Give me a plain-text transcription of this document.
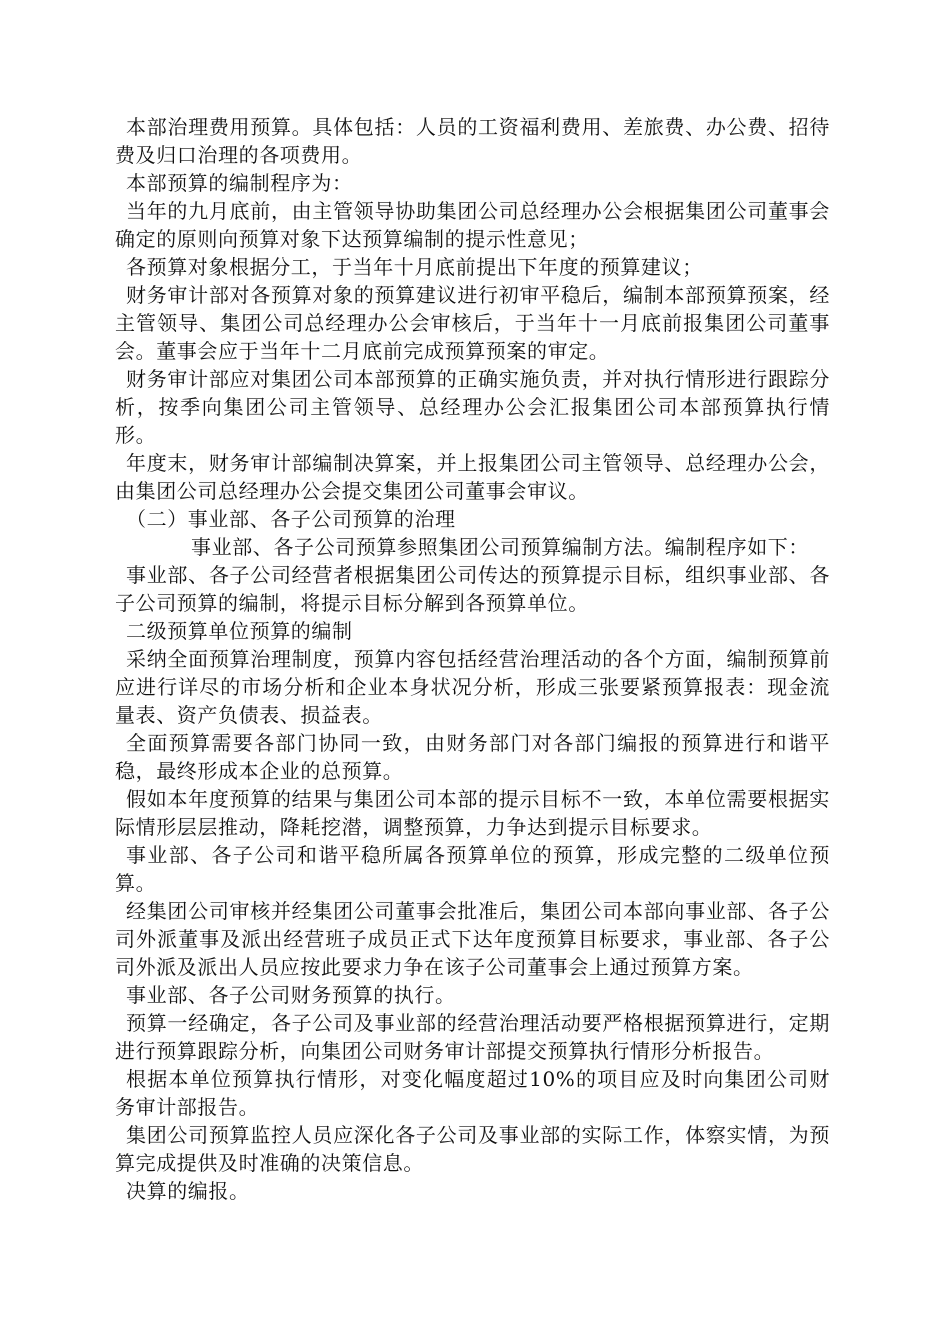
本部治理费用预算。具体包括：人员的工资福利费用、差旅费、办公费、招待费及归口治理的各项费用。

本部预算的编制程序为：

当年的九月底前，由主管领导协助集团公司总经理办公会根据集团公司董事会确定的原则向预算对象下达预算编制的提示性意见；

各预算对象根据分工，于当年十月底前提出下年度的预算建议；

财务审计部对各预算对象的预算建议进行初审平稳后，编制本部预算预案，经主管领导、集团公司总经理办公会审核后，于当年十一月底前报集团公司董事会。董事会应于当年十二月底前完成预算预案的审定。

财务审计部应对集团公司本部预算的正确实施负责，并对执行情形进行跟踪分析，按季向集团公司主管领导、总经理办公会汇报集团公司本部预算执行情形。

年度末，财务审计部编制决算案，并上报集团公司主管领导、总经理办公会，由集团公司总经理办公会提交集团公司董事会审议。

（二）事业部、各子公司预算的治理

事业部、各子公司预算参照集团公司预算编制方法。编制程序如下：

事业部、各子公司经营者根据集团公司传达的预算提示目标，组织事业部、各子公司预算的编制，将提示目标分解到各预算单位。

二级预算单位预算的编制

采纳全面预算治理制度，预算内容包括经营治理活动的各个方面，编制预算前应进行详尽的市场分析和企业本身状况分析，形成三张要紧预算报表：现金流量表、资产负债表、损益表。

全面预算需要各部门协同一致，由财务部门对各部门编报的预算进行和谐平稳，最终形成本企业的总预算。

假如本年度预算的结果与集团公司本部的提示目标不一致，本单位需要根据实际情形层层推动，降耗挖潜，调整预算，力争达到提示目标要求。

事业部、各子公司和谐平稳所属各预算单位的预算，形成完整的二级单位预算。

经集团公司审核并经集团公司董事会批准后，集团公司本部向事业部、各子公司外派董事及派出经营班子成员正式下达年度预算目标要求，事业部、各子公司外派及派出人员应按此要求力争在该子公司董事会上通过预算方案。

事业部、各子公司财务预算的执行。

预算一经确定，各子公司及事业部的经营治理活动要严格根据预算进行，定期进行预算跟踪分析，向集团公司财务审计部提交预算执行情形分析报告。

根据本单位预算执行情形，对变化幅度超过10%的项目应及时向集团公司财务审计部报告。

集团公司预算监控人员应深化各子公司及事业部的实际工作，体察实情，为预算完成提供及时准确的决策信息。

决算的编报。
